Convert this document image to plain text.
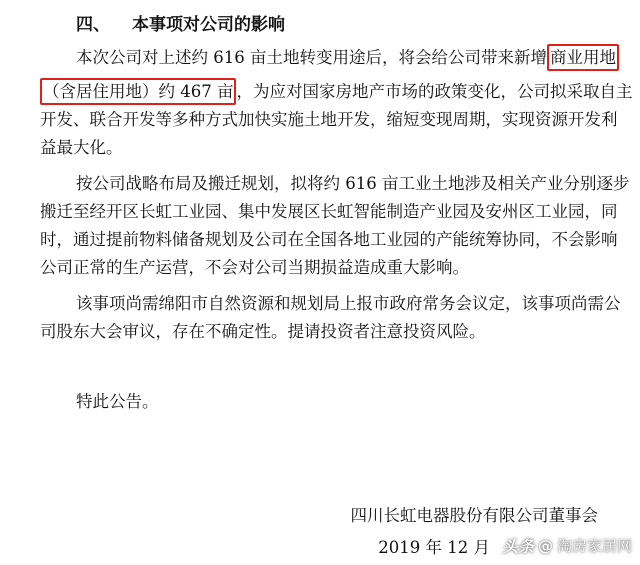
四、 本事项对公司的影响
本次公司对上述约 616 亩土地转变用途后，将会给公司带来新增 商业用地
（含居住用地）约 467 亩 ，为应对国家房地产市场的政策变化，公司拟采取自主
开发、联合开发等多种方式加快实施土地开发，缩短变现周期，实现资源开发利
益最大化。
按公司战略布局及搬迁规划，拟将约 616 亩工业土地涉及相关产业分别逐步
搬迁至经开区长虹工业园、集中发展区长虹智能制造产业园及安州区工业园，同
时，通过提前物料储备规划及公司在全国各地工业园的产能统筹协同，不会影响
公司正常的生产运营，不会对公司当期损益造成重大影响。
该事项尚需绵阳市自然资源和规划局上报市政府常务会议定，该事项尚需公
司股东大会审议，存在不确定性。提请投资者注意投资风险。
特此公告。
四川长虹电器股份有限公司董事会
2019 年 12 月 头条 @ 淘房家居网
